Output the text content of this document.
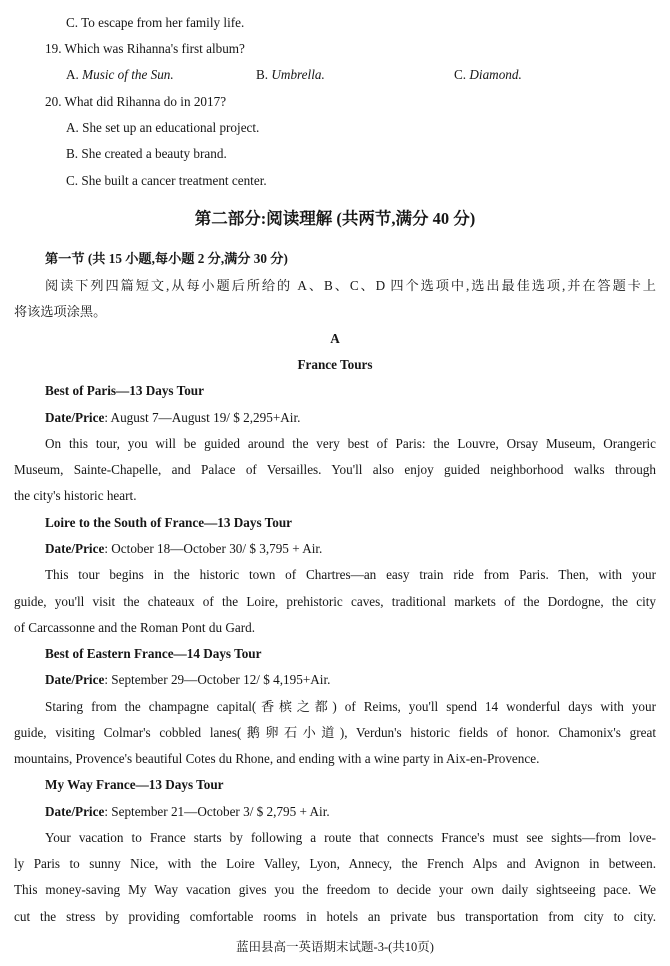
C. To escape from her family life.
19. Which was Rihanna's first album?
A. Music of the Sun.	B. Umbrella.	C. Diamond.
20. What did Rihanna do in 2017?
A. She set up an educational project.
B. She created a beauty brand.
C. She built a cancer treatment center.
第二部分:阅读理解 (共两节,满分 40 分)
第一节 (共 15 小题,每小题 2 分,满分 30 分)
阅读下列四篇短文,从每小题后所给的 A、B、C、D 四个选项中,选出最佳选项,并在答题卡上
将该选项涂黑。
A
France Tours
Best of Paris—13 Days Tour
Date/Price: August 7—August 19/ $ 2,295+Air.
On this tour, you will be guided around the very best of Paris: the Louvre, Orsay Museum, Orangeric
Museum, Sainte-Chapelle, and Palace of Versailles. You'll also enjoy guided neighborhood walks through
the city's historic heart.
Loire to the South of France—13 Days Tour
Date/Price: October 18—October 30/ $ 3,795 + Air.
This tour begins in the historic town of Chartres—an easy train ride from Paris. Then, with your
guide, you'll visit the chateaux of the Loire, prehistoric caves, traditional markets of the Dordogne, the city
of Carcassonne and the Roman Pont du Gard.
Best of Eastern France—14 Days Tour
Date/Price: September 29—October 12/ $ 4,195+Air.
Staring from the champagne capital(香槟之都) of Reims, you'll spend 14 wonderful days with your
guide, visiting Colmar's cobbled lanes(鹅卵石小道), Verdun's historic fields of honor. Chamonix's great
mountains, Provence's beautiful Cotes du Rhone, and ending with a wine party in Aix-en-Provence.
My Way France—13 Days Tour
Date/Price: September 21—October 3/ $ 2,795 + Air.
Your vacation to France starts by following a route that connects France's must see sights—from love-
ly Paris to sunny Nice, with the Loire Valley, Lyon, Annecy, the French Alps and Avignon in between.
This money-saving My Way vacation gives you the freedom to decide your own daily sightseeing pace. We
cut the stress by providing comfortable rooms in hotels an private bus transportation from city to city.
蓝田县高一英语期末试题-3-(共10页)
